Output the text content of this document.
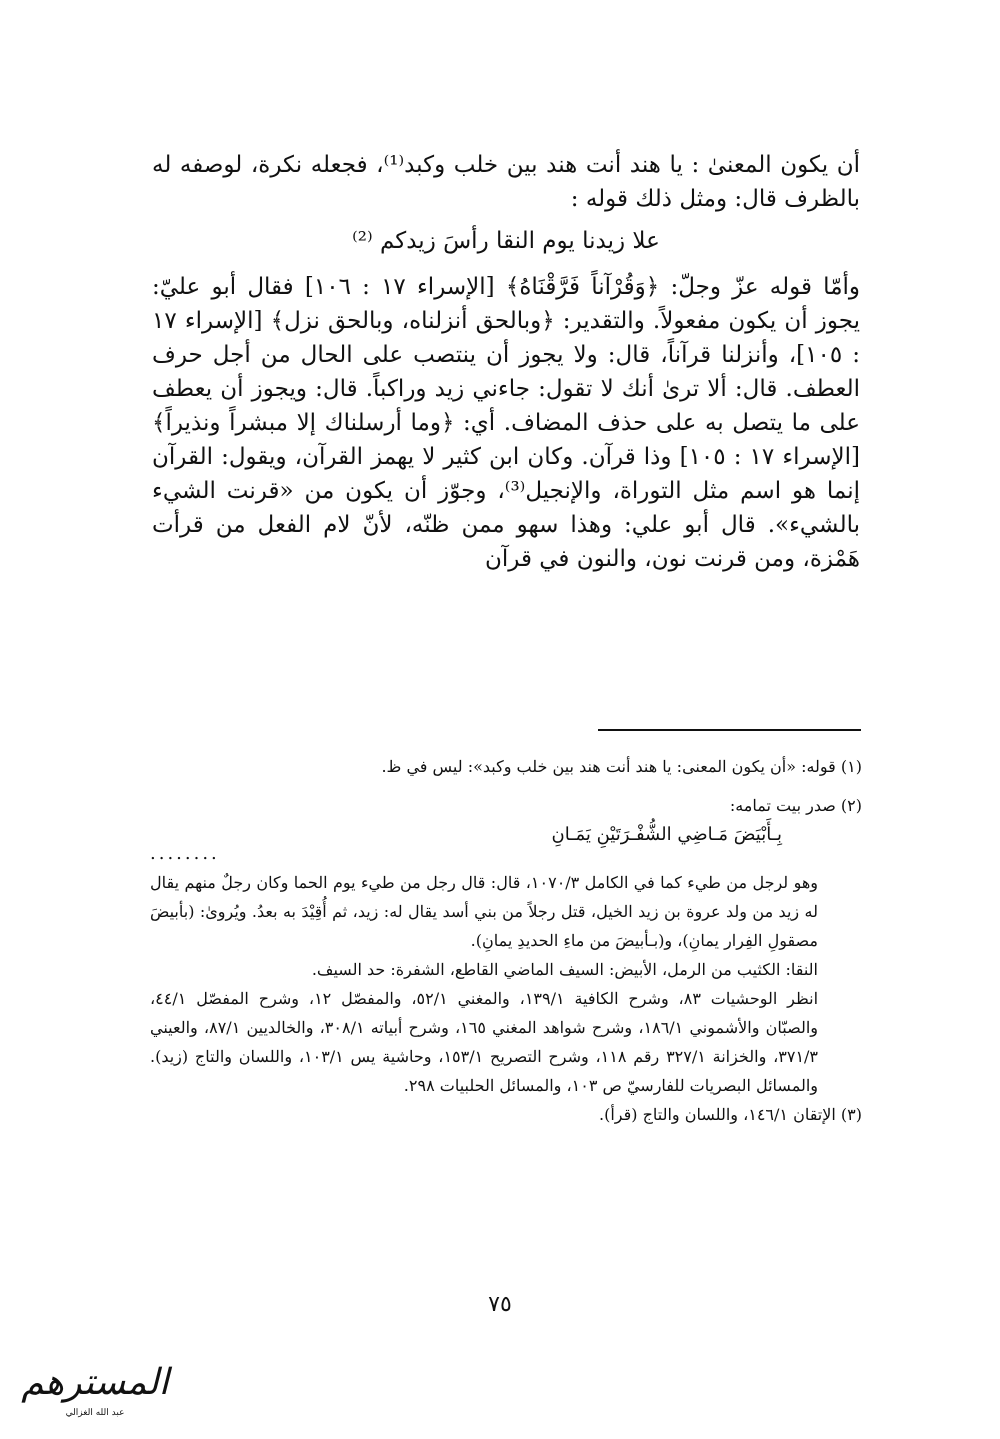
أن يكون المعنىٰ : يا هند أنت هند بين خلب وكبد⁽¹⁾، فجعله نكرة، لوصفه له بالظرف قال: ومثل ذلك قوله :

علا زيدنا يوم النقا رأسَ زيدكم ⁽²⁾

وأمّا قوله عزّ وجلّ: ﴿وَقُرْآناً فَرَّقْنَاهُ﴾ [الإسراء ١٧ : ١٠٦] فقال أبو عليّ: يجوز أن يكون مفعولاً. والتقدير: ﴿وبالحق أنزلناه، وبالحق نزل﴾ [الإسراء ١٧ : ١٠٥]، وأنزلنا قرآناً، قال: ولا يجوز أن ينتصب على الحال من أجل حرف العطف. قال: ألا ترىٰ أنك لا تقول: جاءني زيد وراكباً. قال: ويجوز أن يعطف على ما يتصل به على حذف المضاف. أي: ﴿وما أرسلناك إلا مبشراً ونذيراً﴾ [الإسراء ١٧ : ١٠٥] وذا قرآن. وكان ابن كثير لا يهمز القرآن، ويقول: القرآن إنما هو اسم مثل التوراة، والإنجيل⁽³⁾، وجوّز أن يكون من «قرنت الشيء بالشيء». قال أبو علي: وهذا سهو ممن ظنّه، لأنّ لام الفعل من قرأت هَمْزة، ومن قرنت نون، والنون في قرآن

(١) قوله: «أن يكون المعنى: يا هند أنت هند بين خلب وكبد»: ليس في ظ.

(٢) صدر بيت تمامه:

بِـأَبْيَضَ مَـاضِي الشُّفْـرَتَيْنِ يَمَـانِ
........

وهو لرجل من طيء كما في الكامل ١٠٧٠/٣، قال: قال رجل من طيء يوم الحما وكان رجلٌ منهم يقال له زيد من ولد عروة بن زيد الخيل، قتل رجلاً من بني أسد يقال له: زيد، ثم أُقِيْدَ به بعدُ. ويُروىٰ: (بأبيضَ مصقولِ الفِرار يمانِ)، و(بـأبيضَ من ماءِ الحديدِ يمانِ).

النقا: الكثيب من الرمل، الأبيض: السيف الماضي القاطع، الشفرة: حد السيف.

انظر الوحشيات ٨٣، وشرح الكافية ١٣٩/١، والمغني ٥٢/١، والمفصّل ١٢، وشرح المفصّل ٤٤/١، والصبّان والأشموني ١٨٦/١، وشرح شواهد المغني ١٦٥، وشرح أبياته ٣٠٨/١، والخالديين ٨٧/١، والعيني ٣٧١/٣، والخزانة ٣٢٧/١ رقم ١١٨، وشرح التصريح ١٥٣/١، وحاشية يس ١٠٣/١، واللسان والتاج (زيد). والمسائل البصريات للفارسيّ ص ١٠٣، والمسائل الحلبيات ٢٩٨.

(٣) الإتقان ١٤٦/١، واللسان والتاج (قرأ).

٧٥
المسترهم
عبد الله الغزالي
